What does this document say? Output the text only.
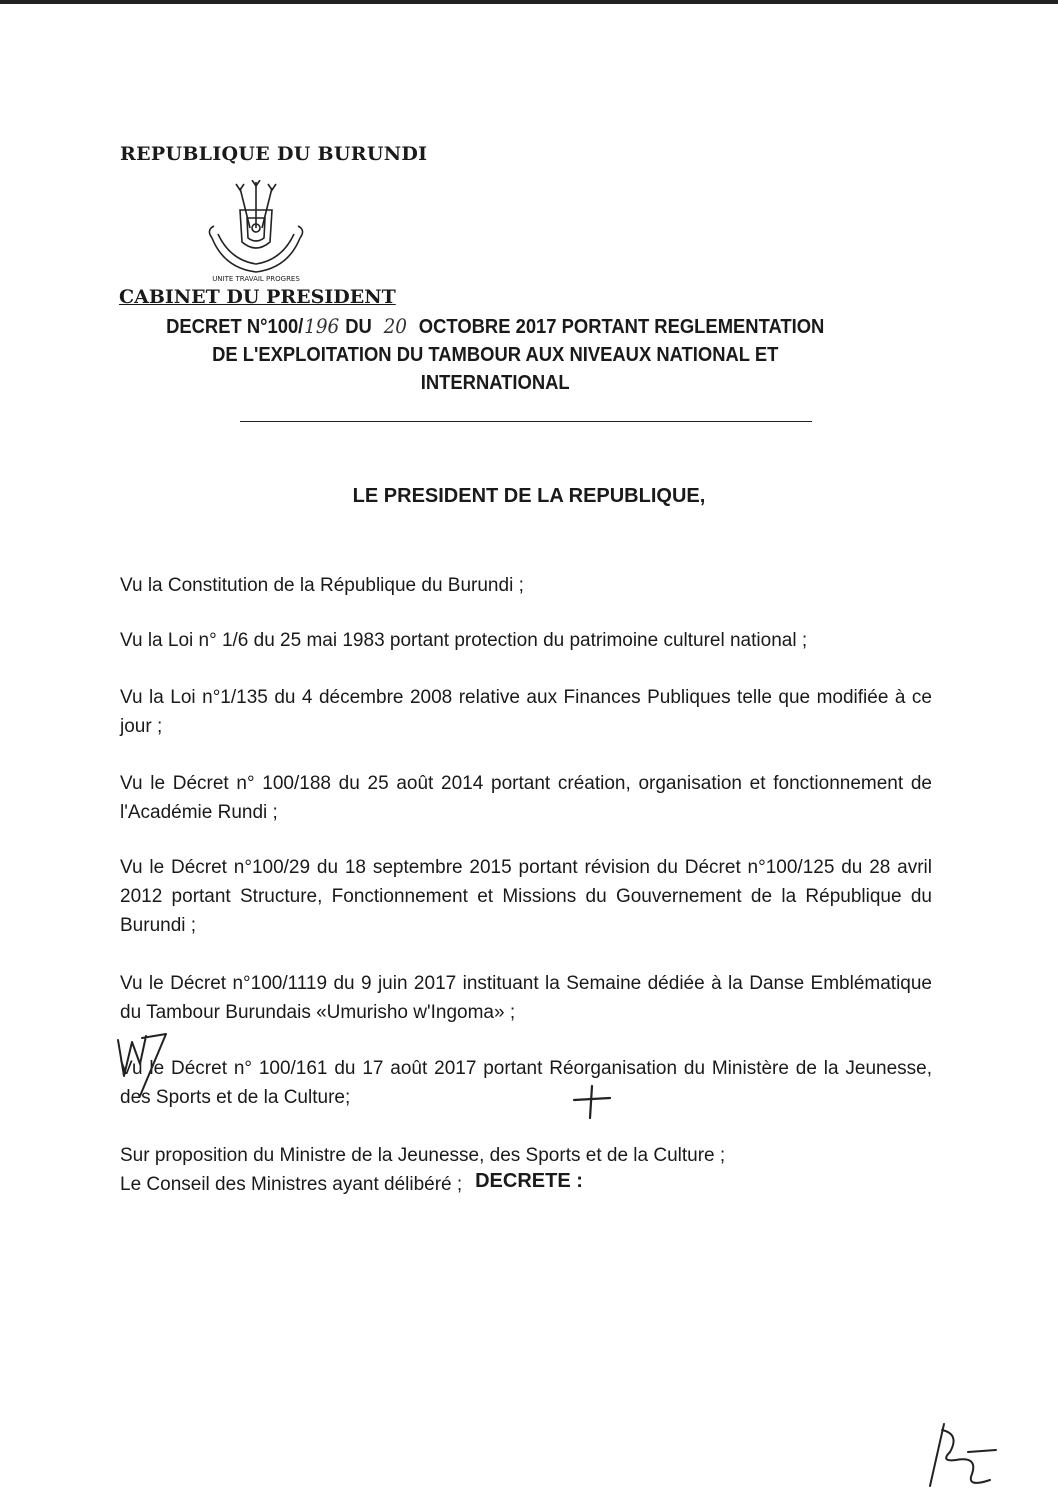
REPUBLIQUE DU BURUNDI
UNITE TRAVAIL PROGRES
CABINET DU PRESIDENT
DECRET N°100/196 DU 20 OCTOBRE 2017 PORTANT REGLEMENTATION
DE L'EXPLOITATION DU TAMBOUR AUX NIVEAUX NATIONAL ET
INTERNATIONAL
LE PRESIDENT DE LA REPUBLIQUE,
Vu la Constitution de la République du Burundi ;
Vu la Loi n° 1/6 du 25 mai 1983 portant protection du patrimoine culturel national ;
Vu la Loi n°1/135 du 4 décembre 2008 relative aux Finances Publiques telle que modifiée à ce jour ;
Vu le Décret n° 100/188 du 25 août 2014 portant création, organisation et fonctionnement de l'Académie Rundi ;
Vu le Décret n°100/29 du 18 septembre 2015 portant révision du Décret n°100/125 du 28 avril 2012 portant Structure, Fonctionnement et Missions du Gouvernement de la République du Burundi ;
Vu le Décret n°100/1119 du 9 juin 2017 instituant la Semaine dédiée à la Danse Emblématique du Tambour Burundais «Umurisho w'Ingoma» ;
Vu le Décret n° 100/161 du 17 août 2017 portant Réorganisation du Ministère de la Jeunesse, des Sports et de la Culture;
Sur proposition du Ministre de la Jeunesse, des Sports et de la Culture ;
Le Conseil des Ministres ayant délibéré ; DECRETE :
